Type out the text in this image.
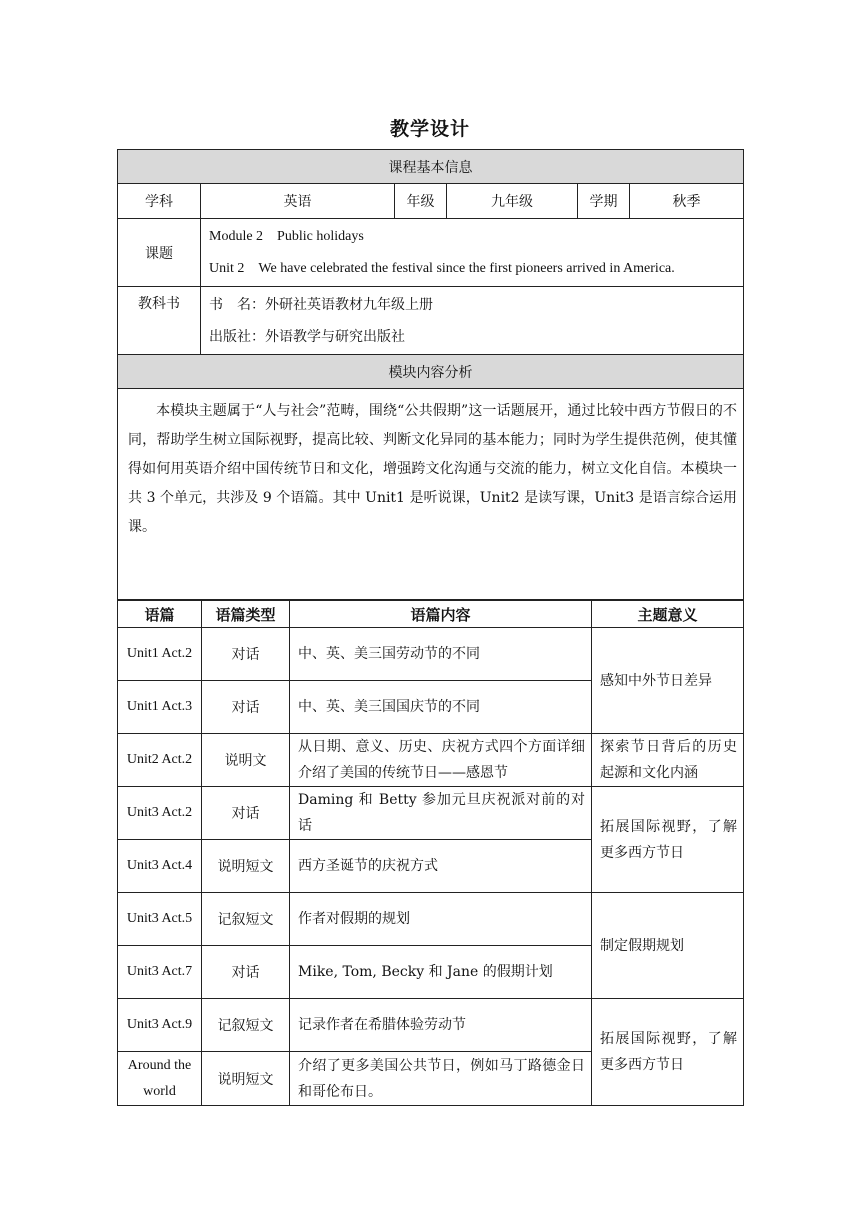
教学设计
课程基本信息					
学科	英语	年级	九年级	学期	秋季
课题	Module 2　Public holidays
Unit 2　We have celebrated the festival since the first pioneers arrived in America.				

教科书	书　名：外研社英语教材九年级上册
出版社：外语教学与研究出版社				

模块内容分析					
本模块主题属于“人与社会”范畴，围绕“公共假期”这一话题展开，通过比较中西方节假日的不同，帮助学生树立国际视野，提高比较、判断文化异同的基本能力；同时为学生提供范例，使其懂得如何用英语介绍中国传统节日和文化，增强跨文化沟通与交流的能力，树立文化自信。本模块一共 3 个单元，共涉及 9 个语篇。其中 Unit1 是听说课，Unit2 是读写课，Unit3 是语言综合运用课。					
语篇	语篇类型	语篇内容	主题意义
Unit1 Act.2	对话	中、英、美三国劳动节的不同	感知中外节日差异
Unit1 Act.3	对话	中、英、美三国国庆节的不同	
Unit2 Act.2	说明文	从日期、意义、历史、庆祝方式四个方面详细介绍了美国的传统节日——感恩节	探索节日背后的历史起源和文化内涵
Unit3 Act.2	对话	Daming 和 Betty 参加元旦庆祝派对前的对话	拓展国际视野，了解更多西方节日
Unit3 Act.4	说明短文	西方圣诞节的庆祝方式	
Unit3 Act.5	记叙短文	作者对假期的规划	制定假期规划
Unit3 Act.7	对话	Mike, Tom, Becky 和 Jane 的假期计划	
Unit3 Act.9	记叙短文	记录作者在希腊体验劳动节	拓展国际视野，了解更多西方节日
Around the world	说明短文	介绍了更多美国公共节日，例如马丁路德金日和哥伦布日。	
